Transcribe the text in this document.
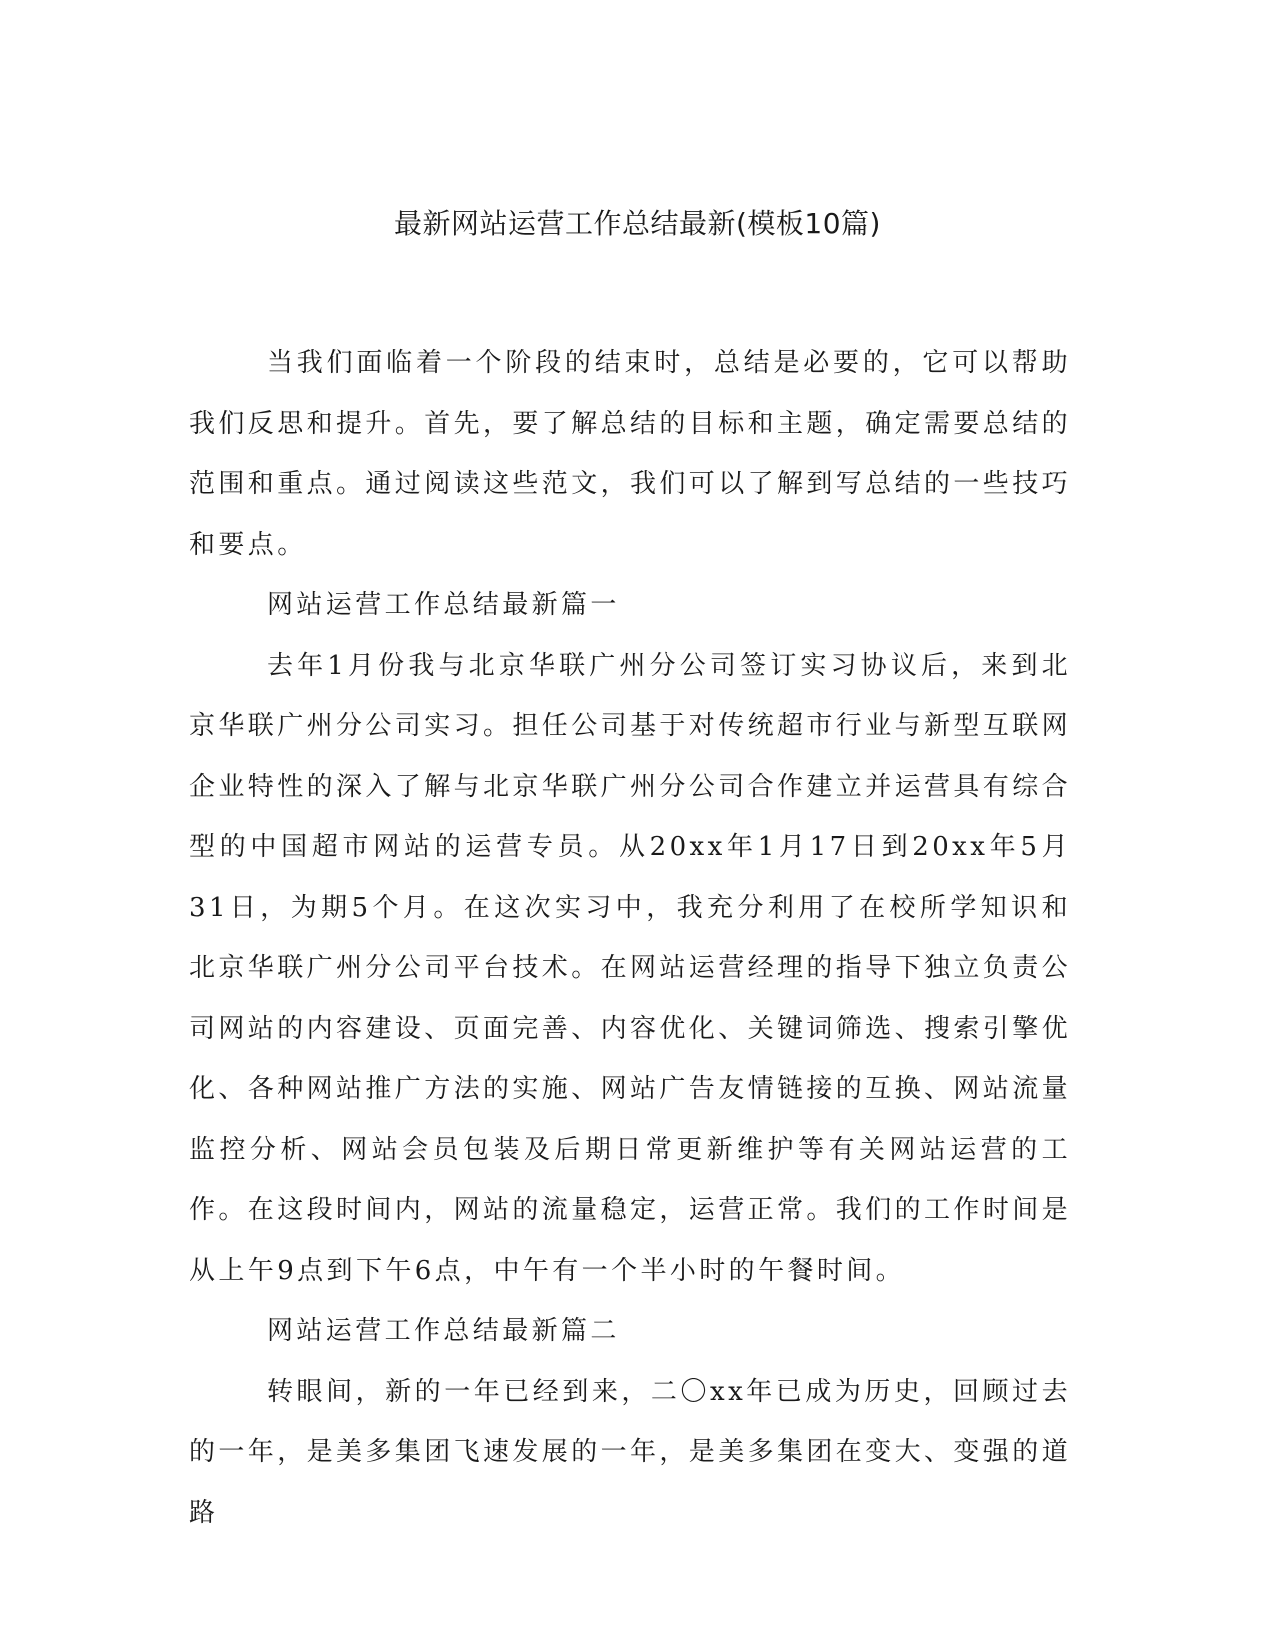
最新网站运营工作总结最新(模板10篇)

当我们面临着一个阶段的结束时，总结是必要的，它可以帮助我们反思和提升。首先，要了解总结的目标和主题，确定需要总结的范围和重点。通过阅读这些范文，我们可以了解到写总结的一些技巧和要点。

网站运营工作总结最新篇一

去年1月份我与北京华联广州分公司签订实习协议后，来到北京华联广州分公司实习。担任公司基于对传统超市行业与新型互联网企业特性的深入了解与北京华联广州分公司合作建立并运营具有综合型的中国超市网站的运营专员。从20xx年1月17日到20xx年5月31日，为期5个月。在这次实习中，我充分利用了在校所学知识和北京华联广州分公司平台技术。在网站运营经理的指导下独立负责公司网站的内容建设、页面完善、内容优化、关键词筛选、搜索引擎优化、各种网站推广方法的实施、网站广告友情链接的互换、网站流量监控分析、网站会员包装及后期日常更新维护等有关网站运营的工作。在这段时间内，网站的流量稳定，运营正常。我们的工作时间是从上午9点到下午6点，中午有一个半小时的午餐时间。

网站运营工作总结最新篇二

转眼间，新的一年已经到来，二〇xx年已成为历史，回顾过去的一年，是美多集团飞速发展的一年，是美多集团在变大、变强的道路
